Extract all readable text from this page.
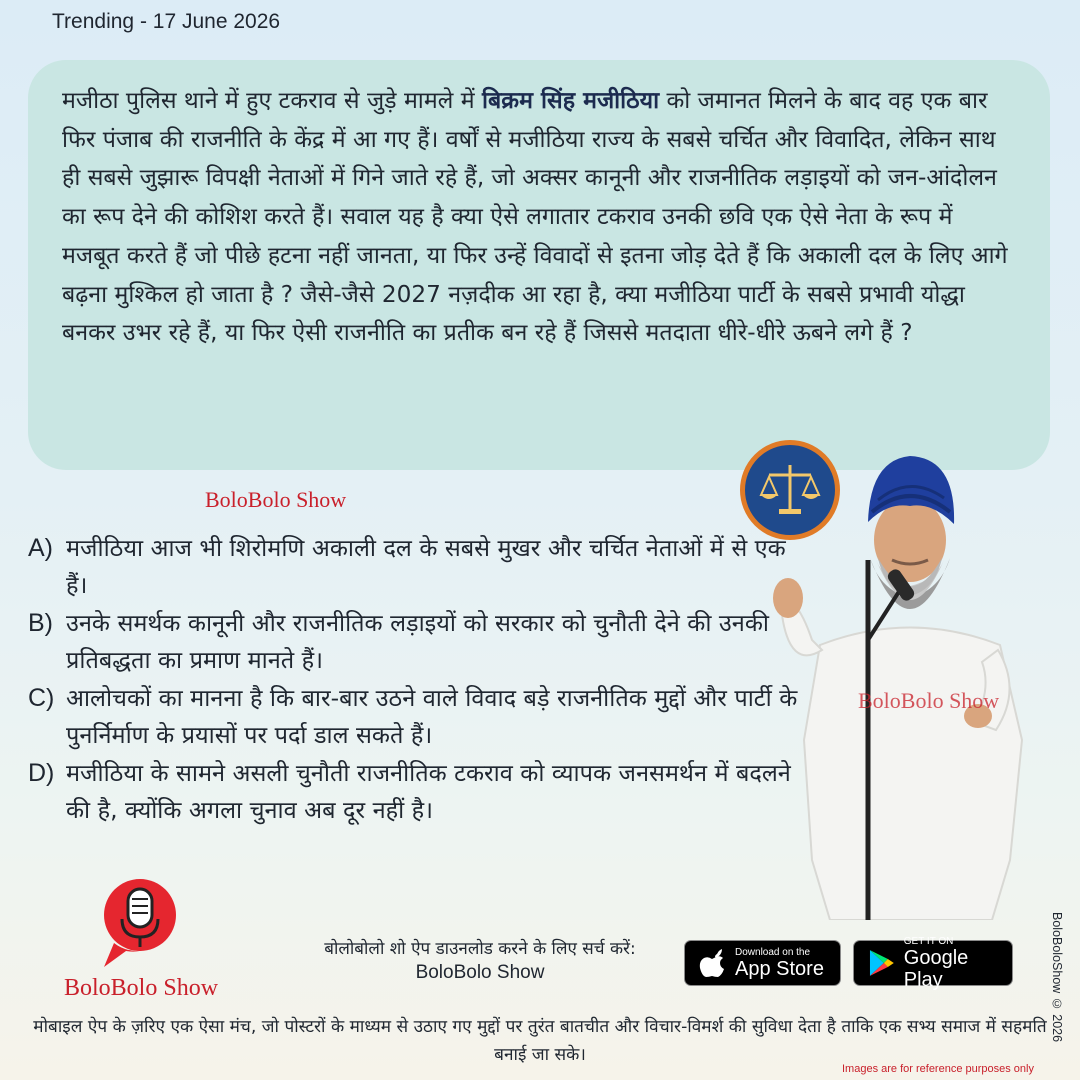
Trending - 17 June 2026

मजीठा पुलिस थाने में हुए टकराव से जुड़े मामले में बिक्रम सिंह मजीठिया को जमानत मिलने के बाद वह एक बार फिर पंजाब की राजनीति के केंद्र में आ गए हैं। वर्षों से मजीठिया राज्य के सबसे चर्चित और विवादित, लेकिन साथ ही सबसे जुझारू विपक्षी नेताओं में गिने जाते रहे हैं, जो अक्सर कानूनी और राजनीतिक लड़ाइयों को जन-आंदोलन का रूप देने की कोशिश करते हैं। सवाल यह है क्या ऐसे लगातार टकराव उनकी छवि एक ऐसे नेता के रूप में मजबूत करते हैं जो पीछे हटना नहीं जानता, या फिर उन्हें विवादों से इतना जोड़ देते हैं कि अकाली दल के लिए आगे बढ़ना मुश्किल हो जाता है ? जैसे-जैसे 2027 नज़दीक आ रहा है, क्या मजीठिया पार्टी के सबसे प्रभावी योद्धा बनकर उभर रहे हैं, या फिर ऐसी राजनीति का प्रतीक बन रहे हैं जिससे मतदाता धीरे-धीरे ऊबने लगे हैं ?

BoloBolo Show
A) मजीठिया आज भी शिरोमणि अकाली दल के सबसे मुखर और चर्चित नेताओं में से एक हैं।
B) उनके समर्थक कानूनी और राजनीतिक लड़ाइयों को सरकार को चुनौती देने की उनकी प्रतिबद्धता का प्रमाण मानते हैं।
C) आलोचकों का मानना है कि बार-बार उठने वाले विवाद बड़े राजनीतिक मुद्दों और पार्टी के पुनर्निर्माण के प्रयासों पर पर्दा डाल सकते हैं।
D) मजीठिया के सामने असली चुनौती राजनीतिक टकराव को व्यापक जनसमर्थन में बदलने की है, क्योंकि अगला चुनाव अब दूर नहीं है।
BoloBolo Show
BoloBolo Show
बोलोबोलो शो ऐप डाउनलोड करने के लिए सर्च करें:
BoloBolo Show
Download on the
App Store
GET IT ON
Google Play
मोबाइल ऐप के ज़रिए एक ऐसा मंच, जो पोस्टरों के माध्यम से उठाए गए मुद्दों पर तुरंत बातचीत और विचार-विमर्श की सुविधा देता है ताकि एक सभ्य समाज में सहमति बनाई जा सके।
Images are for reference purposes only
BoloBoloShow © 2026
